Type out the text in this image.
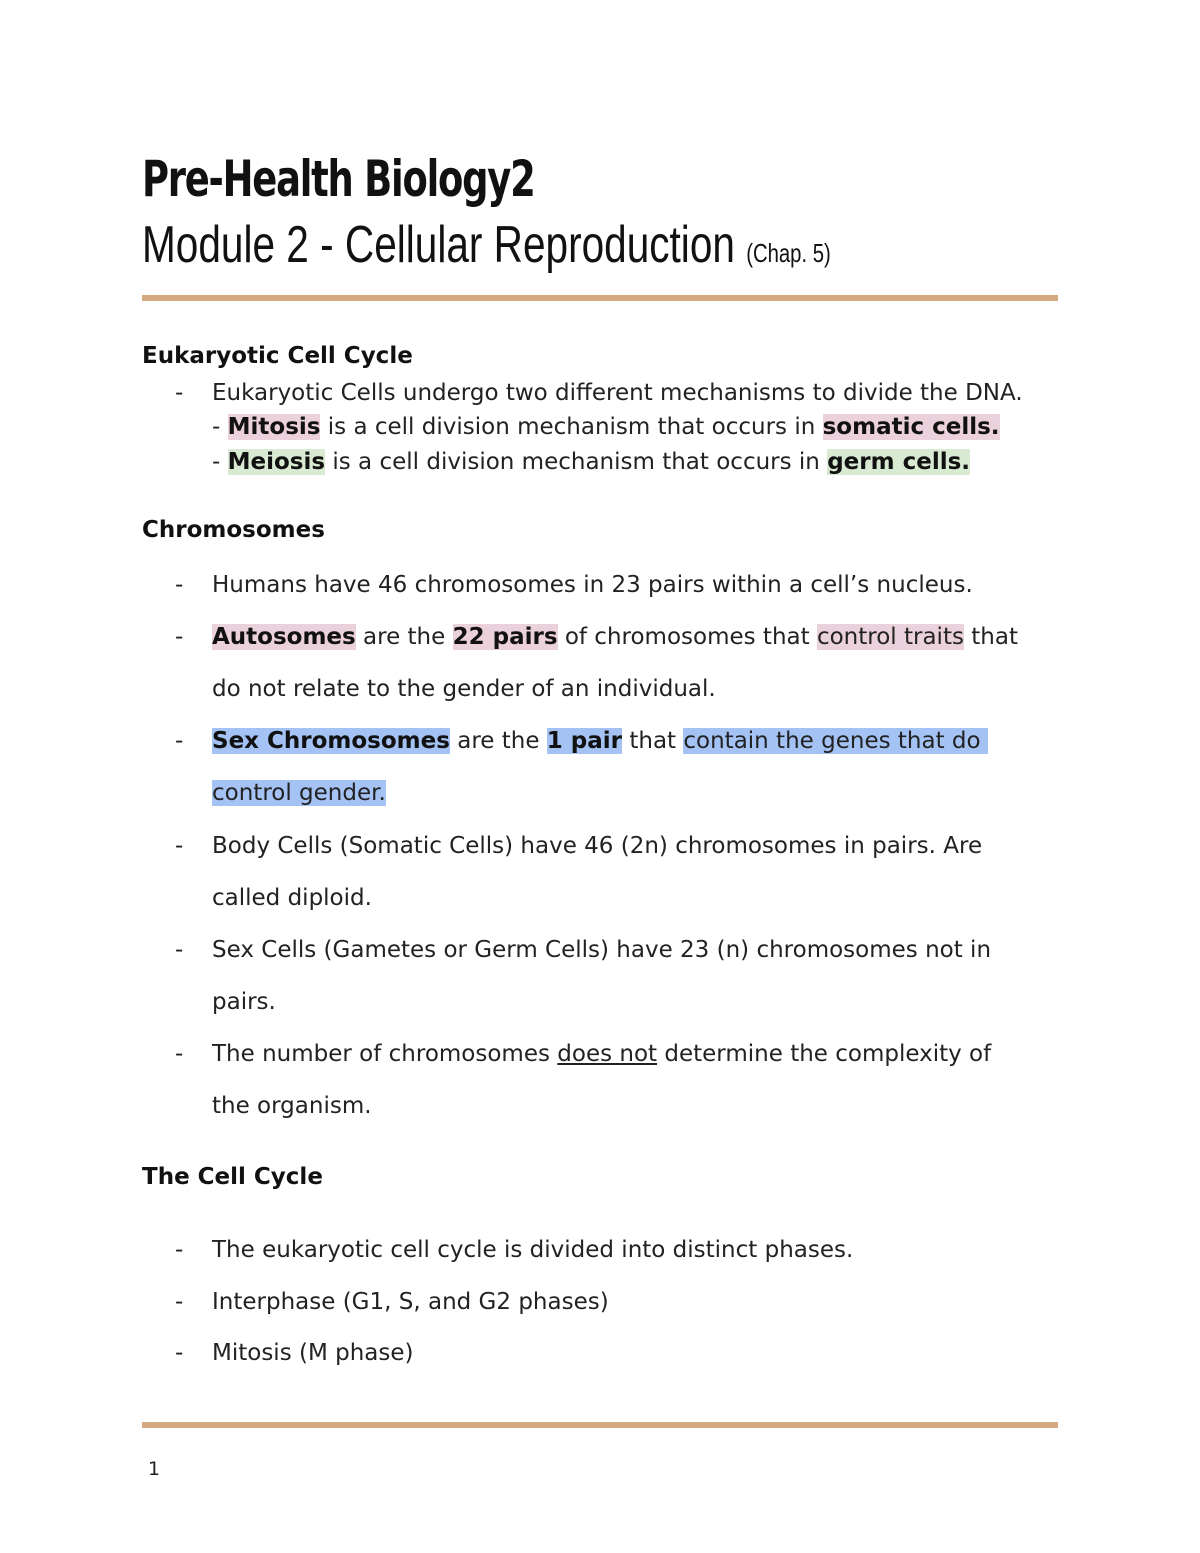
Pre-Health Biology2
Module 2 - Cellular Reproduction (Chap. 5)
Eukaryotic Cell Cycle
- Eukaryotic Cells undergo two different mechanisms to divide the DNA.
- Mitosis is a cell division mechanism that occurs in somatic cells.
- Meiosis is a cell division mechanism that occurs in germ cells.
Chromosomes
- Humans have 46 chromosomes in 23 pairs within a cell’s nucleus.
- Autosomes are the 22 pairs of chromosomes that control traits that
do not relate to the gender of an individual.
- Sex Chromosomes are the 1 pair that contain the genes that do
control gender.
- Body Cells (Somatic Cells) have 46 (2n) chromosomes in pairs. Are
called diploid.
- Sex Cells (Gametes or Germ Cells) have 23 (n) chromosomes not in
pairs.
- The number of chromosomes does not determine the complexity of
the organism.
The Cell Cycle
- The eukaryotic cell cycle is divided into distinct phases.
- Interphase (G1, S, and G2 phases)
- Mitosis (M phase)
1
